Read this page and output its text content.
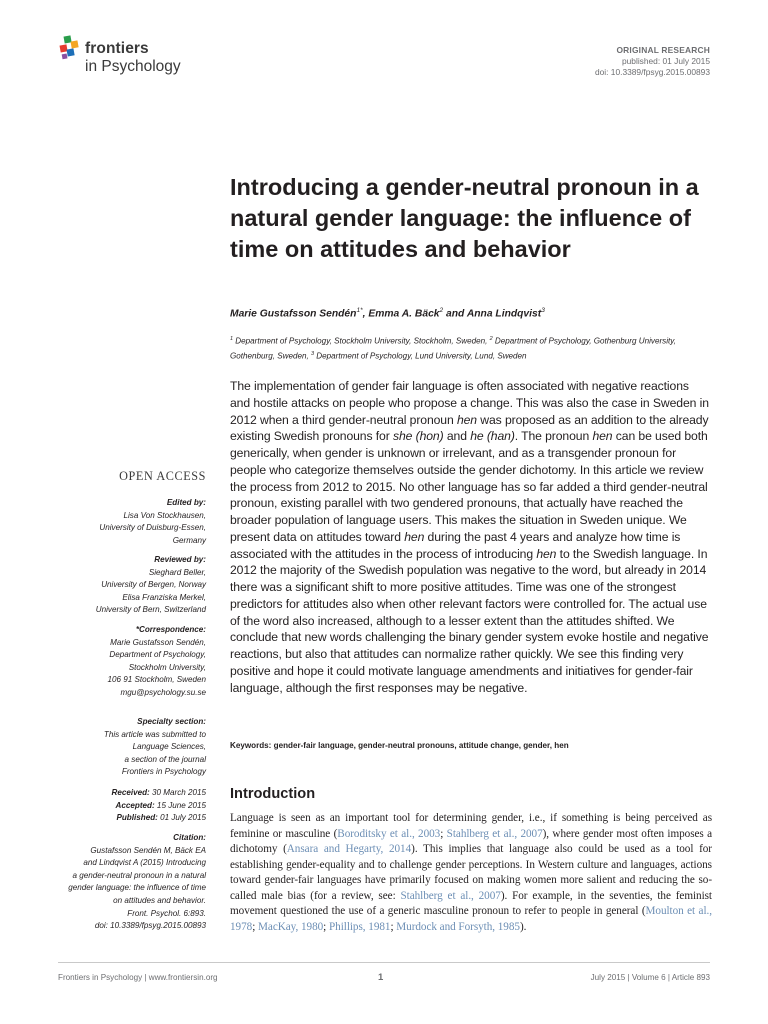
frontiers
in Psychology
ORIGINAL RESEARCH
published: 01 July 2015
doi: 10.3389/fpsyg.2015.00893
Introducing a gender-neutral pronoun in a natural gender language: the influence of time on attitudes and behavior
Marie Gustafsson Sendén$^{1*}$, Emma A. Bäck$^2$ and Anna Lindqvist$^3$
$^1$ Department of Psychology, Stockholm University, Stockholm, Sweden, $^2$ Department of Psychology, Gothenburg University, Gothenburg, Sweden, $^3$ Department of Psychology, Lund University, Lund, Sweden
The implementation of gender fair language is often associated with negative reactions and hostile attacks on people who propose a change. This was also the case in Sweden in 2012 when a third gender-neutral pronoun hen was proposed as an addition to the already existing Swedish pronouns for she (hon) and he (han). The pronoun hen can be used both generically, when gender is unknown or irrelevant, and as a transgender pronoun for people who categorize themselves outside the gender dichotomy. In this article we review the process from 2012 to 2015. No other language has so far added a third gender-neutral pronoun, existing parallel with two gendered pronouns, that actually have reached the broader population of language users. This makes the situation in Sweden unique. We present data on attitudes toward hen during the past 4 years and analyze how time is associated with the attitudes in the process of introducing hen to the Swedish language. In 2012 the majority of the Swedish population was negative to the word, but already in 2014 there was a significant shift to more positive attitudes. Time was one of the strongest predictors for attitudes also when other relevant factors were controlled for. The actual use of the word also increased, although to a lesser extent than the attitudes shifted. We conclude that new words challenging the binary gender system evoke hostile and negative reactions, but also that attitudes can normalize rather quickly. We see this finding very positive and hope it could motivate language amendments and initiatives for gender-fair language, although the first responses may be negative.
Keywords: gender-fair language, gender-neutral pronouns, attitude change, gender, hen
OPEN ACCESS
Edited by:
Lisa Von Stockhausen,
University of Duisburg-Essen,
Germany
Reviewed by:
Sieghard Beller,
University of Bergen, Norway
Elisa Franziska Merkel,
University of Bern, Switzerland
*Correspondence:
Marie Gustafsson Sendén,
Department of Psychology,
Stockholm University,
106 91 Stockholm, Sweden
mgu@psychology.su.se
Specialty section:
This article was submitted to
Language Sciences,
a section of the journal
Frontiers in Psychology
Received: 30 March 2015
Accepted: 15 June 2015
Published: 01 July 2015
Citation:
Gustafsson Sendén M, Bäck EA
and Lindqvist A (2015) Introducing
a gender-neutral pronoun in a natural
gender language: the influence of time
on attitudes and behavior.
Front. Psychol. 6:893.
doi: 10.3389/fpsyg.2015.00893
Introduction
Language is seen as an important tool for determining gender, i.e., if something is being perceived as feminine or masculine (Boroditsky et al., 2003; Stahlberg et al., 2007), where gender most often imposes a dichotomy (Ansara and Hegarty, 2014). This implies that language also could be used as a tool for establishing gender-equality and to challenge gender perceptions. In Western culture and languages, actions toward gender-fair languages have primarily focused on making women more salient and reducing the so-called male bias (for a review, see: Stahlberg et al., 2007). For example, in the seventies, the feminist movement questioned the use of a generic masculine pronoun to refer to people in general (Moulton et al., 1978; MacKay, 1980; Phillips, 1981; Murdock and Forsyth, 1985).
Frontiers in Psychology | www.frontiersin.org	1	July 2015 | Volume 6 | Article 893
